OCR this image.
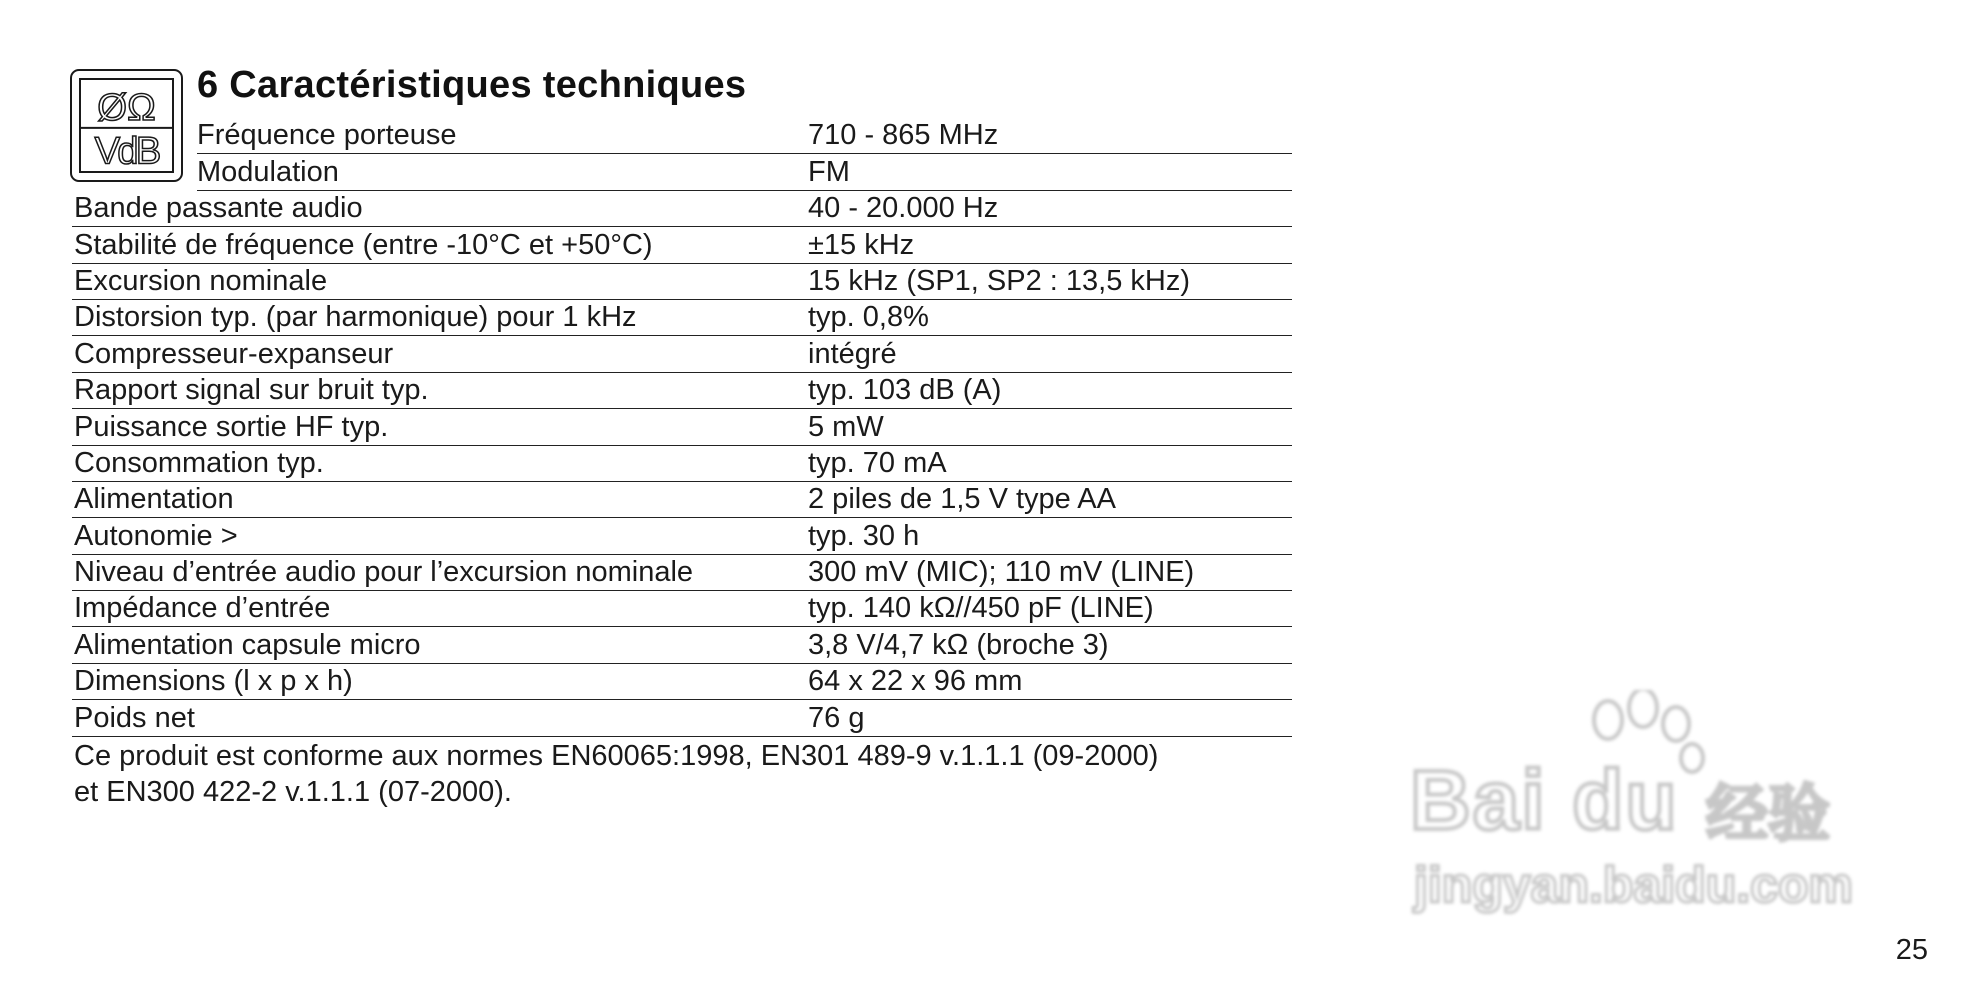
ØΩ
VdB
6 Caractéristiques techniques
Fréquence porteuse	710 - 865 MHz
Modulation	FM
Bande passante audio	40 - 20.000 Hz
Stabilité de fréquence (entre -10°C et +50°C)	±15 kHz
Excursion nominale	15 kHz (SP1, SP2 : 13,5 kHz)
Distorsion typ. (par harmonique) pour 1 kHz	typ. 0,8%
Compresseur-expanseur	intégré
Rapport signal sur bruit typ.	typ. 103 dB (A)
Puissance sortie HF typ.	5 mW
Consommation typ.	typ. 70 mA
Alimentation	2 piles de 1,5 V type AA
Autonomie >	typ. 30 h
Niveau d’entrée audio pour l’excursion nominale	300 mV (MIC); 110 mV (LINE)
Impédance d’entrée	typ. 140 kΩ//450 pF (LINE)
Alimentation capsule micro	3,8 V/4,7 kΩ (broche 3)
Dimensions (l x p x h)	64 x 22 x 96 mm
Poids net	76 g

Ce produit est conforme aux normes EN60065:1998, EN301 489-9 v.1.1.1 (09-2000)
et EN300 422-2 v.1.1.1 (07-2000).	Bai du 经验
jingyan.baidu.com
25
